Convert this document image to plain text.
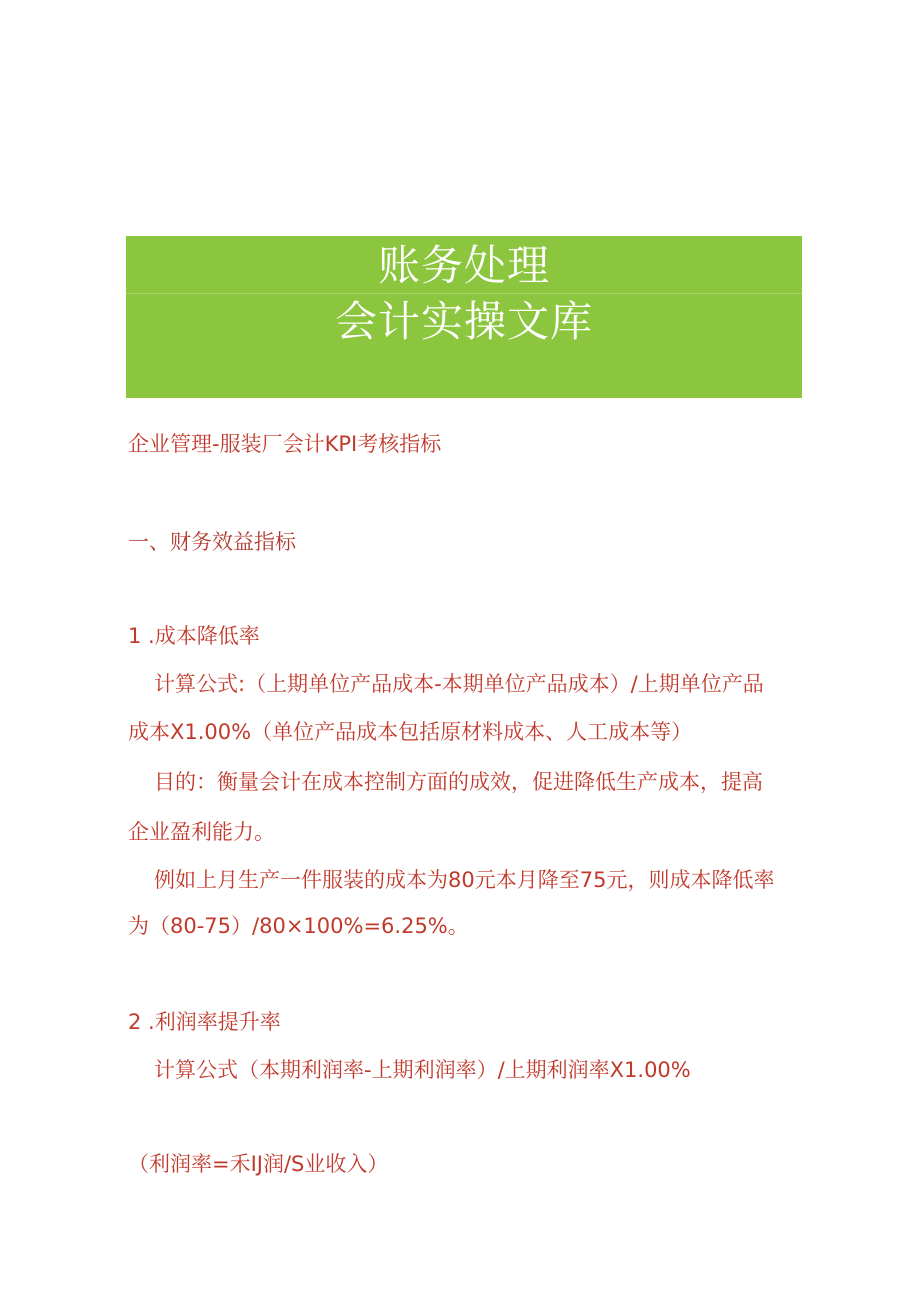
账务处理
会计实操文库
企业管理-服装厂会计KPI考核指标
一、财务效益指标
1 .成本降低率
计算公式:（上期单位产品成本-本期单位产品成本）/上期单位产品
成本X1.00%（单位产品成本包括原材料成本、人工成本等）
目的：衡量会计在成本控制方面的成效，促进降低生产成本，提高
企业盈利能力。
例如上月生产一件服装的成本为80元本月降至75元，则成本降低率
为（80-75）/80×100%=6.25%。
2 .利润率提升率
计算公式（本期利润率-上期利润率）/上期利润率X1.00%
（利润率=禾IJ润/S业收入）
